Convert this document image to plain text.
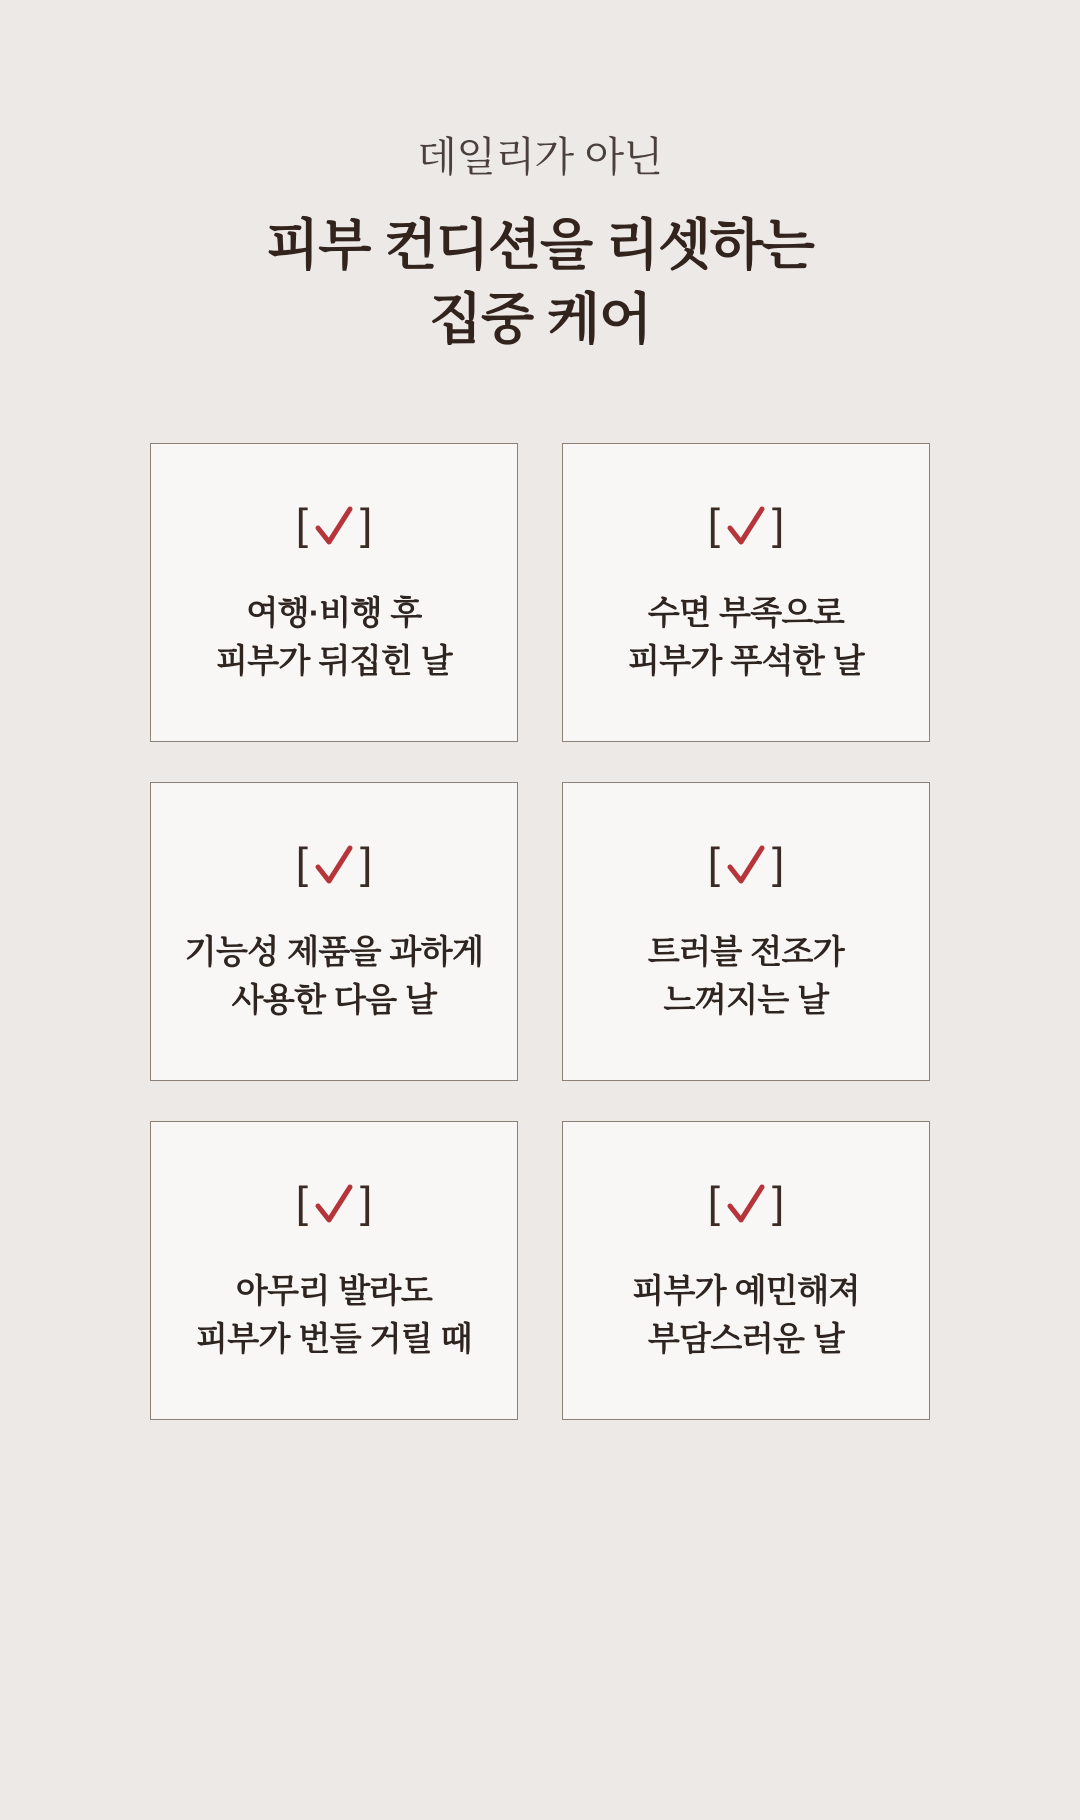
데일리가 아닌
피부 컨디션을 리셋하는
집중 케어
[ ]
여행·비행 후
피부가 뒤집힌 날
[ ]
수면 부족으로
피부가 푸석한 날
[ ]
기능성 제품을 과하게
사용한 다음 날
[ ]
트러블 전조가
느껴지는 날
[ ]
아무리 발라도
피부가 번들 거릴 때
[ ]
피부가 예민해져
부담스러운 날
